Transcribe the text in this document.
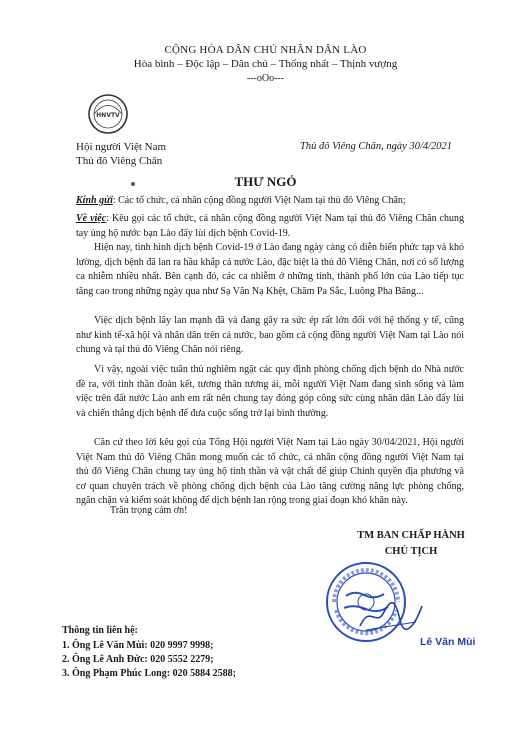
CỘNG HÒA DÂN CHỦ NHÂN DÂN LÀO
Hòa bình – Độc lập – Dân chủ – Thống nhất – Thịnh vượng
---oOo---
HNVTV
Hội người Việt Nam
Thủ đô Viêng Chăn
Thủ đô Viêng Chăn, ngày 30/4/2021
THƯ NGỎ
Kính gửi: Các tổ chức, cá nhân cộng đồng người Việt Nam tại thủ đô Viêng Chăn;
Về việc: Kêu gọi các tổ chức, cá nhân cộng đồng người Việt Nam tại thủ đô Viêng Chăn chung tay ủng hộ nước bạn Lào đẩy lùi dịch bệnh Covid-19.
Hiện nay, tình hình dịch bệnh Covid-19 ở Lào đang ngày càng có diễn biến phức tạp và khó lường, dịch bệnh đã lan ra hầu khắp cả nước Lào, đặc biệt là thủ đô Viêng Chăn, nơi có số lượng ca nhiễm nhiều nhất. Bên cạnh đó, các ca nhiễm ở những tỉnh, thành phố lớn của Lào tiếp tục tăng cao trong những ngày qua như Sạ Văn Nạ Khệt, Chăm Pa Sắc, Luông Pha Băng...
Việc dịch bệnh lây lan mạnh đã và đang gây ra sức ép rất lớn đối với hệ thống y tế, cũng như kinh tế-xã hội và nhân dân trên cả nước, bao gồm cả cộng đồng người Việt Nam tại Lào nói chung và tại thủ đô Viêng Chăn nói riêng.
Vì vậy, ngoài việc tuân thủ nghiêm ngặt các quy định phòng chống dịch bệnh do Nhà nước đề ra, với tinh thần đoàn kết, tương thân tương ái, mỗi người Việt Nam đang sinh sống và làm việc trên đất nước Lào anh em rất nên chung tay đóng góp công sức cùng nhân dân Lào đẩy lùi và chiến thắng dịch bệnh để đưa cuộc sống trở lại bình thường.
Căn cứ theo lời kêu gọi của Tổng Hội người Việt Nam tại Lào ngày 30/04/2021, Hội người Việt Nam thủ đô Viêng Chăn mong muốn các tổ chức, cá nhân cộng đồng người Việt Nam tại thủ đô Viêng Chăn chung tay ủng hộ tinh thần và vật chất để giúp Chính quyền địa phương và cơ quan chuyên trách về phòng chống dịch bệnh của Lào tăng cường năng lực phòng chống, ngăn chặn và kiểm soát không để dịch bệnh lan rộng trong giai đoạn khó khăn này.
Trân trọng cảm ơn!
TM BAN CHẤP HÀNH
CHỦ TỊCH
Lê Văn Mùi
Thông tin liên hệ:
1. Ông Lê Văn Mùi: 020 9997 9998;
2. Ông Lê Anh Đức: 020 5552 2279;
3. Ông Phạm Phúc Long: 020 5884 2588;
